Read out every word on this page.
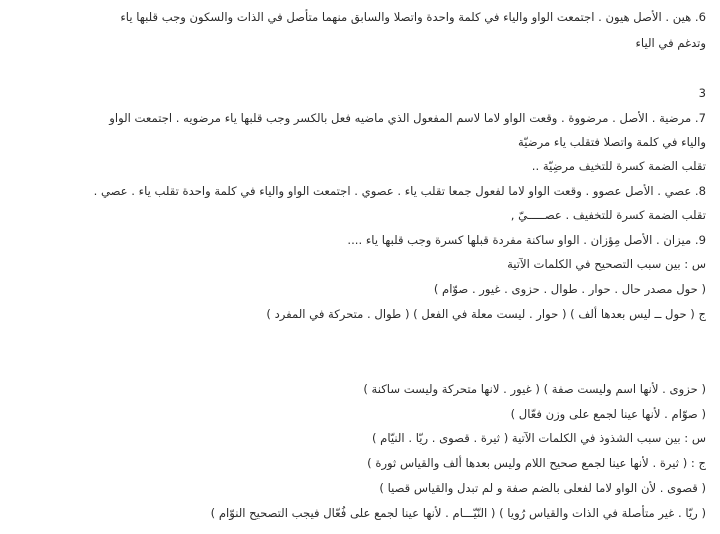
6. هين . الأصل هيون . اجتمعت الواو والياء في كلمة واحدة واتصلا والسابق منهما متأصل في الذات والسكون وجب قلبها ياء
وتدغم في الياء
3
7. مرضية . الأصل . مرضووة . وقعت الواو لاما لاسم المفعول الذي ماضيه فعل بالكسر وجب قلبها ياء مرضويه . اجتمعت الواو
والياء في كلمة واتصلا فتقلب ياء مرضيّة
تقلب الضمة كسرة للتخيف مرضِيّة ..
8. عصي . الأصل عصوو . وقعت الواو لاما لفعول جمعا تقلب ياء . عصوي . اجتمعت الواو والياء في كلمة واحدة تقلب ياء . عصي .
تقلب الضمة كسرة للتخفيف . عصـــــيّ ,
9. ميزان . الأصل مِؤزان . الواو ساكنة مفردة قبلها كسرة وجب قلبها ياء ....
س : بين سبب التصحيح في الكلمات الآتية
( حول مصدر حال . حوار . طوال . حزوى . غيور . صوّام )
ج ( حول ــ ليس بعدها ألف ) ( حوار . ليست معلة في الفعل ) ( طوال . متحركة في المفرد )
( حزوى . لأنها اسم وليست صفة ) ( غيور . لانها متحركة وليست ساكنة )
( صوّام . لأنها عينا لجمع على وزن فعّال )
س : بين سبب الشذوذ في الكلمات الآتية ( ثيرة . قصوى . ريّا . النيّام )
ج : ( ثيرة . لأنها عينا لجمع صحيح اللام وليس بعدها ألف والقياس ثورة )
( قصوى . لأن الواو لاما لفعلى بالضم صفة و لم تبدل والقياس قصيا )
( ريّا . غير متأصلة في الذات والقياس رُويا ) ( النّيّـــام . لأنها عينا لجمع على فُعّال فيجب التصحيح النوّام )
